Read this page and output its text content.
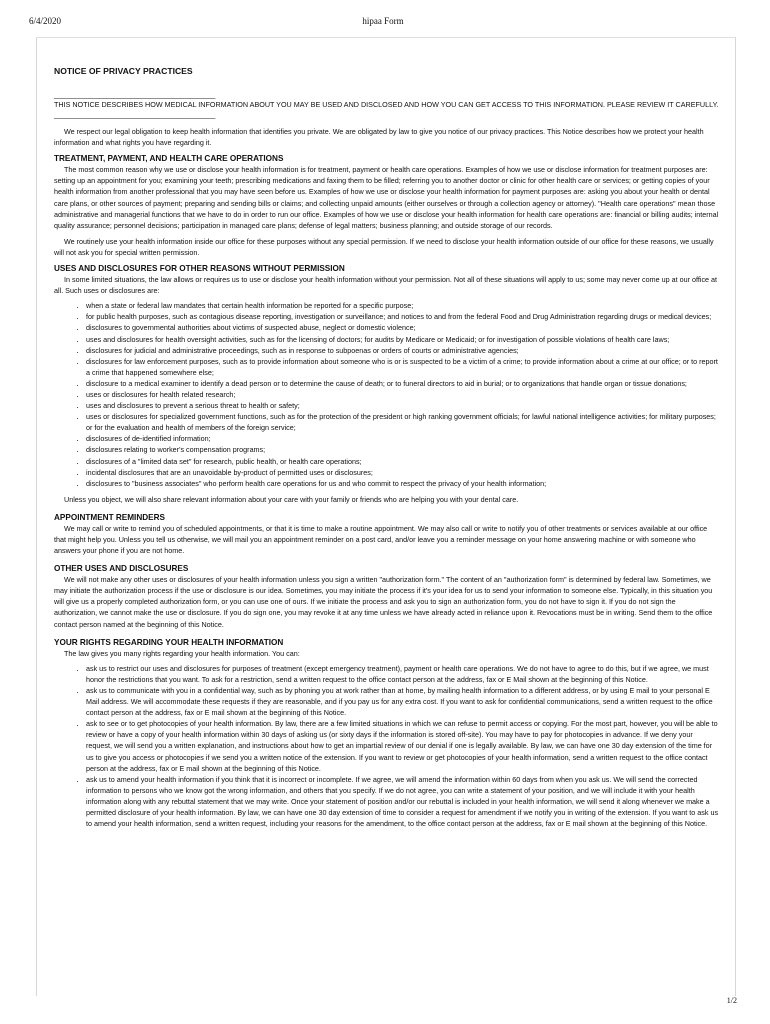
6/4/2020	hipaa Form
NOTICE OF PRIVACY PRACTICES

______________________________________________

THIS NOTICE DESCRIBES HOW MEDICAL INFORMATION ABOUT YOU MAY BE USED AND DISCLOSED AND HOW YOU CAN GET ACCESS TO THIS INFORMATION. PLEASE REVIEW IT CAREFULLY.

______________________________________________

We respect our legal obligation to keep health information that identifies you private. We are obligated by law to give you notice of our privacy practices. This Notice describes how we protect your health information and what rights you have regarding it.

TREATMENT, PAYMENT, AND HEALTH CARE OPERATIONS

The most common reason why we use or disclose your health information is for treatment, payment or health care operations. Examples of how we use or disclose information for treatment purposes are: setting up an appointment for you; examining your teeth; prescribing medications and faxing them to be filled; referring you to another doctor or clinic for other health care or services; or getting copies of your health information from another professional that you may have seen before us. Examples of how we use or disclose your health information for payment purposes are: asking you about your health or dental care plans, or other sources of payment; preparing and sending bills or claims; and collecting unpaid amounts (either ourselves or through a collection agency or attorney). "Health care operations" mean those administrative and managerial functions that we have to do in order to run our office. Examples of how we use or disclose your health information for health care operations are: financial or billing audits; internal quality assurance; personnel decisions; participation in managed care plans; defense of legal matters; business planning; and outside storage of our records.

We routinely use your health information inside our office for these purposes without any special permission. If we need to disclose your health information outside of our office for these reasons, we usually will not ask you for special written permission.

USES AND DISCLOSURES FOR OTHER REASONS WITHOUT PERMISSION

In some limited situations, the law allows or requires us to use or disclose your health information without your permission. Not all of these situations will apply to us; some may never come up at our office at all. Such uses or disclosures are:

• when a state or federal law mandates that certain health information be reported for a specific purpose;
• for public health purposes, such as contagious disease reporting, investigation or surveillance; and notices to and from the federal Food and Drug Administration regarding drugs or medical devices;
• disclosures to governmental authorities about victims of suspected abuse, neglect or domestic violence;
• uses and disclosures for health oversight activities, such as for the licensing of doctors; for audits by Medicare or Medicaid; or for investigation of possible violations of health care laws;
• disclosures for judicial and administrative proceedings, such as in response to subpoenas or orders of courts or administrative agencies;
• disclosures for law enforcement purposes, such as to provide information about someone who is or is suspected to be a victim of a crime; to provide information about a crime at our office; or to report a crime that happened somewhere else;
• disclosure to a medical examiner to identify a dead person or to determine the cause of death; or to funeral directors to aid in burial; or to organizations that handle organ or tissue donations;
• uses or disclosures for health related research;
• uses and disclosures to prevent a serious threat to health or safety;
• uses or disclosures for specialized government functions, such as for the protection of the president or high ranking government officials; for lawful national intelligence activities; for military purposes; or for the evaluation and health of members of the foreign service;
• disclosures of de-identified information;
• disclosures relating to worker's compensation programs;
• disclosures of a "limited data set" for research, public health, or health care operations;
• incidental disclosures that are an unavoidable by-product of permitted uses or disclosures;
• disclosures to "business associates" who perform health care operations for us and who commit to respect the privacy of your health information;

Unless you object, we will also share relevant information about your care with your family or friends who are helping you with your dental care.

APPOINTMENT REMINDERS

We may call or write to remind you of scheduled appointments, or that it is time to make a routine appointment. We may also call or write to notify you of other treatments or services available at our office that might help you. Unless you tell us otherwise, we will mail you an appointment reminder on a post card, and/or leave you a reminder message on your home answering machine or with someone who answers your phone if you are not home.

OTHER USES AND DISCLOSURES

We will not make any other uses or disclosures of your health information unless you sign a written "authorization form." The content of an "authorization form" is determined by federal law. Sometimes, we may initiate the authorization process if the use or disclosure is our idea. Sometimes, you may initiate the process if it's your idea for us to send your information to someone else. Typically, in this situation you will give us a properly completed authorization form, or you can use one of ours. If we initiate the process and ask you to sign an authorization form, you do not have to sign it. If you do not sign the authorization, we cannot make the use or disclosure. If you do sign one, you may revoke it at any time unless we have already acted in reliance upon it. Revocations must be in writing. Send them to the office contact person named at the beginning of this Notice.

YOUR RIGHTS REGARDING YOUR HEALTH INFORMATION

The law gives you many rights regarding your health information. You can:

• ask us to restrict our uses and disclosures for purposes of treatment (except emergency treatment), payment or health care operations. We do not have to agree to do this, but if we agree, we must honor the restrictions that you want. To ask for a restriction, send a written request to the office contact person at the address, fax or E Mail shown at the beginning of this Notice.
• ask us to communicate with you in a confidential way, such as by phoning you at work rather than at home, by mailing health information to a different address, or by using E mail to your personal E Mail address. We will accommodate these requests if they are reasonable, and if you pay us for any extra cost. If you want to ask for confidential communications, send a written request to the office contact person at the address, fax or E mail shown at the beginning of this Notice.
• ask to see or to get photocopies of your health information. By law, there are a few limited situations in which we can refuse to permit access or copying. For the most part, however, you will be able to review or have a copy of your health information within 30 days of asking us (or sixty days if the information is stored off-site). You may have to pay for photocopies in advance. If we deny your request, we will send you a written explanation, and instructions about how to get an impartial review of our denial if one is legally available. By law, we can have one 30 day extension of the time for us to give you access or photocopies if we send you a written notice of the extension. If you want to review or get photocopies of your health information, send a written request to the office contact person at the address, fax or E mail shown at the beginning of this Notice.
• ask us to amend your health information if you think that it is incorrect or incomplete. If we agree, we will amend the information within 60 days from when you ask us. We will send the corrected information to persons who we know got the wrong information, and others that you specify. If we do not agree, you can write a statement of your position, and we will include it with your health information along with any rebuttal statement that we may write. Once your statement of position and/or our rebuttal is included in your health information, we will send it along whenever we make a permitted disclosure of your health information. By law, we can have one 30 day extension of time to consider a request for amendment if we notify you in writing of the extension. If you want to ask us to amend your health information, send a written request, including your reasons for the amendment, to the office contact person at the address, fax or E mail shown at the beginning of this Notice.
1/2
